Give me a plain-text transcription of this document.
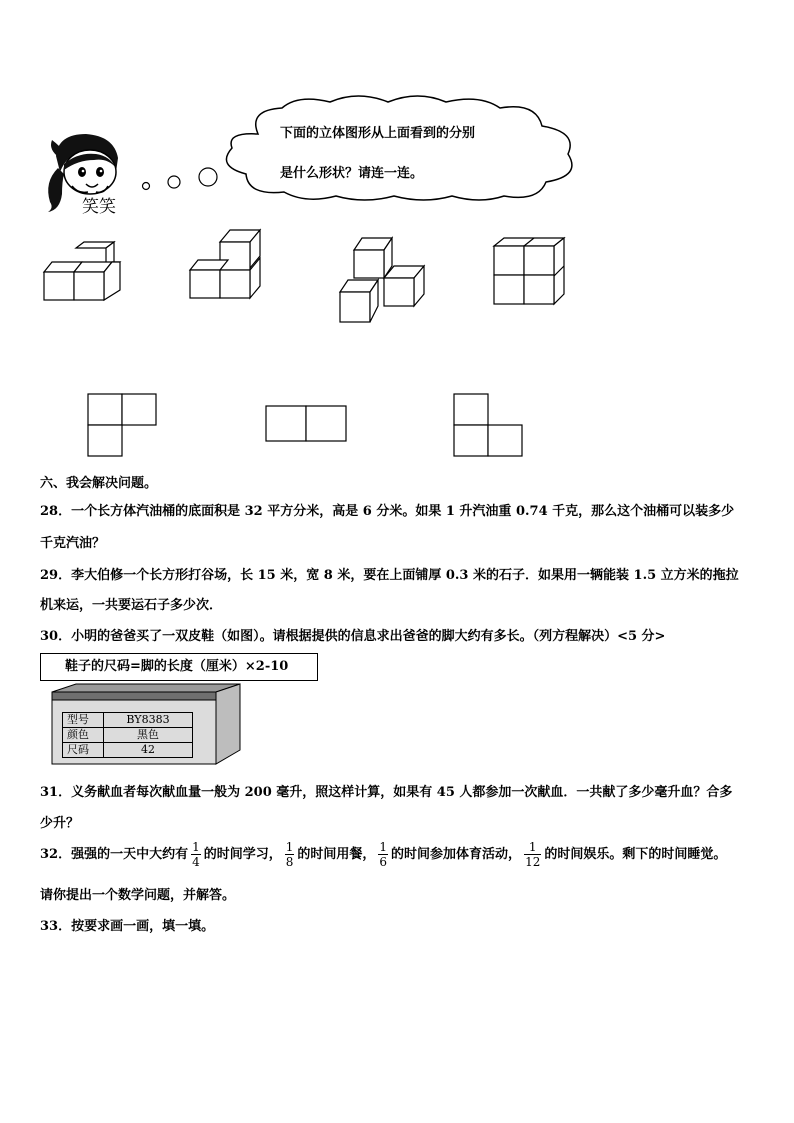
笑笑
下面的立体图形从上面看到的分别
是什么形状？请连一连。
六、我会解决问题。
28．一个长方体汽油桶的底面积是 32 平方分米，高是 6 分米。如果 1 升汽油重 0.74 千克，那么这个油桶可以装多少
千克汽油？
29．李大伯修一个长方形打谷场，长 15 米，宽 8 米，要在上面铺厚 0.3 米的石子．如果用一辆能装 1.5 立方米的拖拉
机来运，一共要运石子多少次．
30．小明的爸爸买了一双皮鞋（如图）。请根据提供的信息求出爸爸的脚大约有多长。（列方程解决）<5 分>
鞋子的尺码=脚的长度（厘米）×2-10
型号	BY8383
颜色	黑色
尺码	42
31．义务献血者每次献血量一般为 200 毫升，照这样计算，如果有 45 人都参加一次献血．一共献了多少毫升血？合多
少升？
32．强强的一天中大约有 $\frac{1}{4}$ 的时间学习， $\frac{1}{8}$ 的时间用餐， $\frac{1}{6}$ 的时间参加体育活动， $\frac{1}{12}$ 的时间娱乐。剩下的时间睡觉。
请你提出一个数学问题，并解答。
33．按要求画一画，填一填。
